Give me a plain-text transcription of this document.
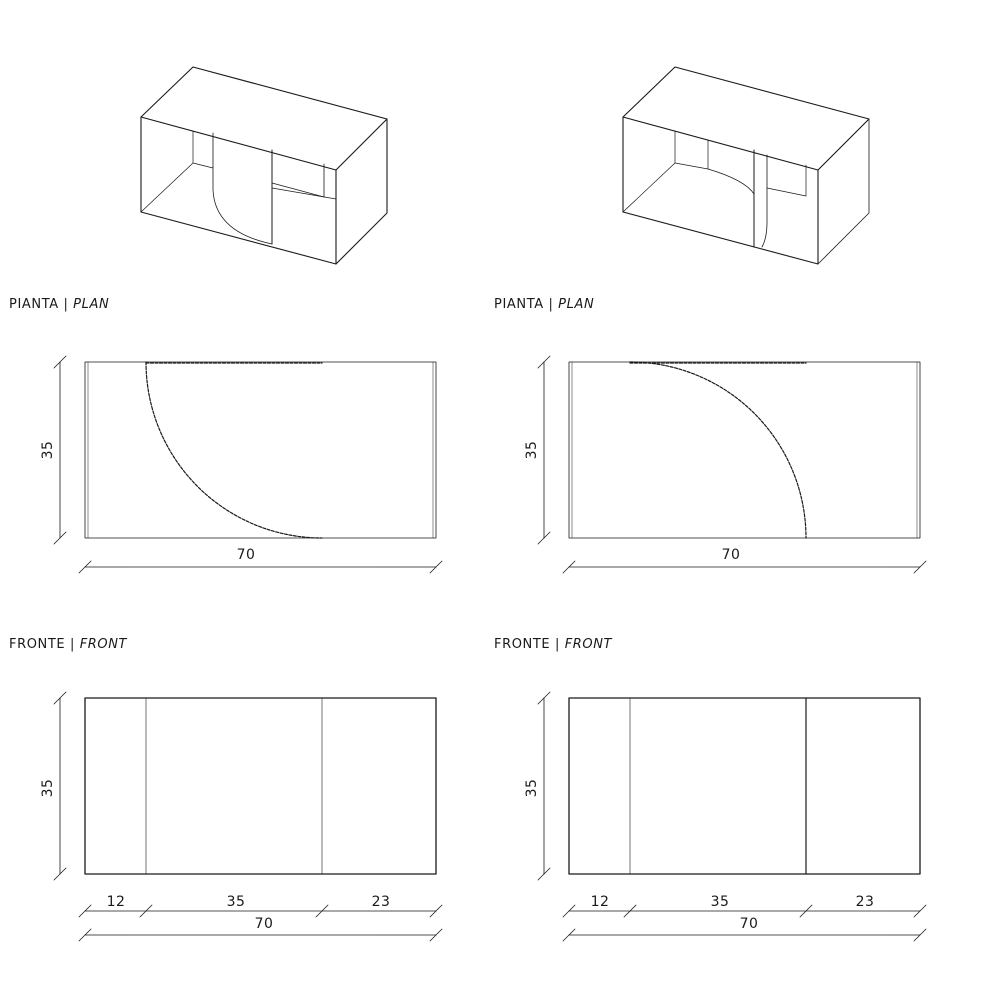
PIANTA | PLAN	PIANTA | PLAN
FRONTE | FRONT	FRONTE | FRONT
35
70
35
70
35
12	35	23
70
35
12	35	23
70
